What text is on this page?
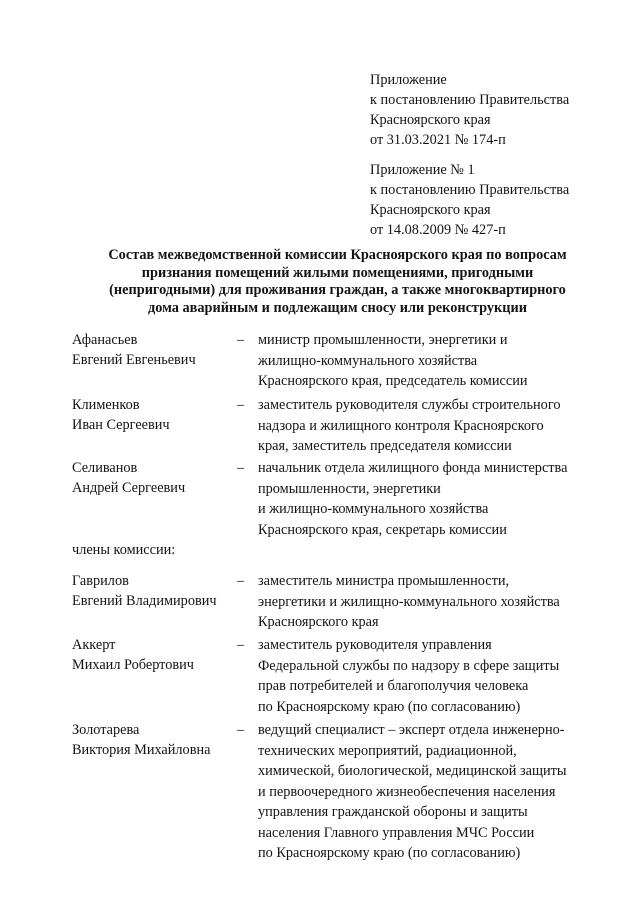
Приложение
к постановлению Правительства
Красноярского края
от 31.03.2021 № 174-п
Приложение № 1
к постановлению Правительства
Красноярского края
от 14.08.2009 № 427-п
Состав межведомственной комиссии Красноярского края по вопросам
признания помещений жилыми помещениями, пригодными
(непригодными) для проживания граждан, а также многоквартирного
дома аварийным и подлежащим сносу или реконструкции
Афанасьев
Евгений Евгеньевич
– министр промышленности, энергетики и
жилищно-коммунального хозяйства
Красноярского края, председатель комиссии
Клименков
Иван Сергеевич
– заместитель руководителя службы строительного
надзора и жилищного контроля Красноярского
края, заместитель председателя комиссии
Селиванов
Андрей Сергеевич
– начальник отдела жилищного фонда министерства
промышленности, энергетики
и жилищно-коммунального хозяйства
Красноярского края, секретарь комиссии
члены комиссии:
Гаврилов
Евгений Владимирович
– заместитель министра промышленности,
энергетики и жилищно-коммунального хозяйства
Красноярского края
Аккерт
Михаил Робертович
– заместитель руководителя управления
Федеральной службы по надзору в сфере защиты
прав потребителей и благополучия человека
по Красноярскому краю (по согласованию)
Золотарева
Виктория Михайловна
– ведущий специалист – эксперт отдела инженерно-
технических мероприятий, радиационной,
химической, биологической, медицинской защиты
и первоочередного жизнеобеспечения населения
управления гражданской обороны и защиты
населения Главного управления МЧС России
по Красноярскому краю (по согласованию)
